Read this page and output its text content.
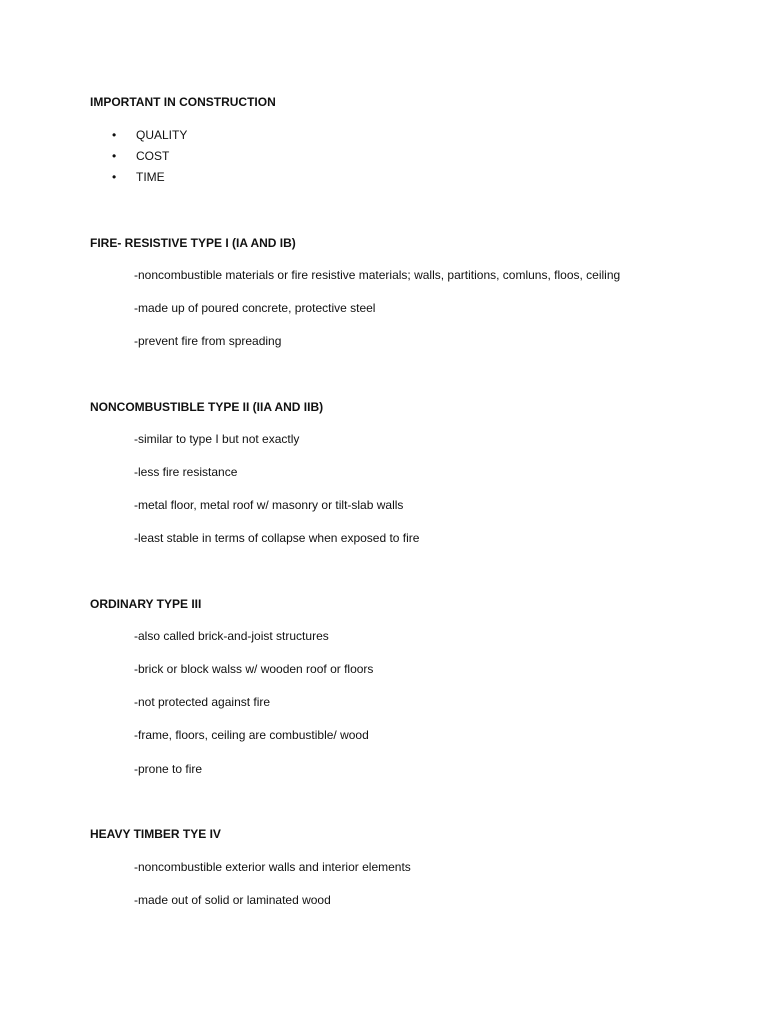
IMPORTANT IN CONSTRUCTION
• QUALITY
• COST
• TIME
FIRE- RESISTIVE TYPE I (IA AND IB)
-noncombustible materials or fire resistive materials; walls, partitions, comluns, floos, ceiling
-made up of poured concrete, protective steel
-prevent fire from spreading
NONCOMBUSTIBLE TYPE II (IIA AND IIB)
-similar to type I but not exactly
-less fire resistance
-metal floor, metal roof w/ masonry or tilt-slab walls
-least stable in terms of collapse when exposed to fire
ORDINARY TYPE III
-also called brick-and-joist structures
-brick or block walss w/ wooden roof or floors
-not protected against fire
-frame, floors, ceiling are combustible/ wood
-prone to fire
HEAVY TIMBER TYE IV
-noncombustible exterior walls and interior elements
-made out of solid or laminated wood
